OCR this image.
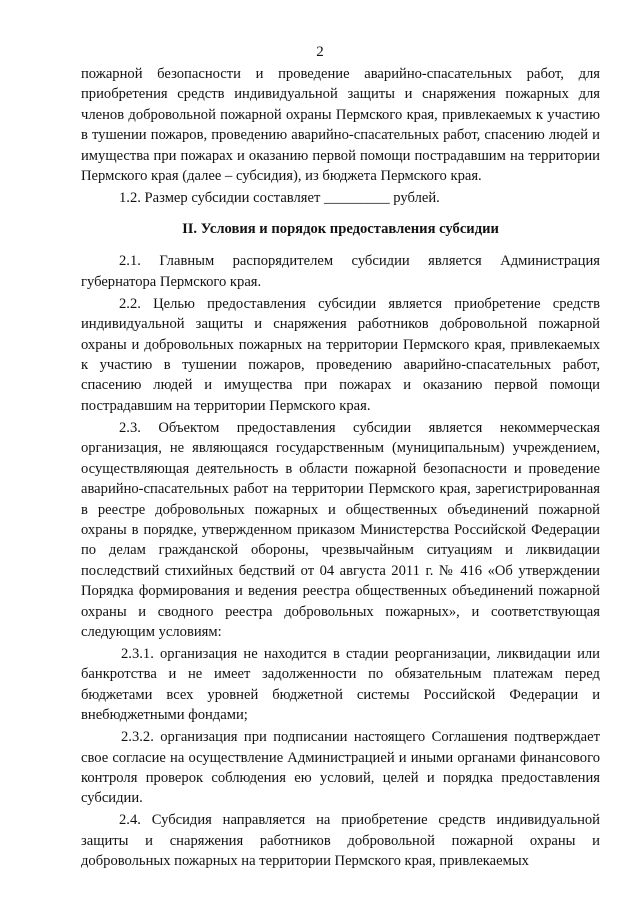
2

пожарной безопасности и проведение аварийно-спасательных работ, для приобретения средств индивидуальной защиты и снаряжения пожарных для членов добровольной пожарной охраны Пермского края, привлекаемых к участию в тушении пожаров, проведению аварийно-спасательных работ, спасению людей и имущества при пожарах и оказанию первой помощи пострадавшим на территории Пермского края (далее – субсидия), из бюджета Пермского края.

1.2. Размер субсидии составляет _________ рублей.

II. Условия и порядок предоставления субсидии

2.1. Главным распорядителем субсидии является Администрация губернатора Пермского края.

2.2. Целью предоставления субсидии является приобретение средств индивидуальной защиты и снаряжения работников добровольной пожарной охраны и добровольных пожарных на территории Пермского края, привлекаемых к участию в тушении пожаров, проведению аварийно-спасательных работ, спасению людей и имущества при пожарах и оказанию первой помощи пострадавшим на территории Пермского края.

2.3. Объектом предоставления субсидии является некоммерческая организация, не являющаяся государственным (муниципальным) учреждением, осуществляющая деятельность в области пожарной безопасности и проведение аварийно-спасательных работ на территории Пермского края, зарегистрированная в реестре добровольных пожарных и общественных объединений пожарной охраны в порядке, утвержденном приказом Министерства Российской Федерации по делам гражданской обороны, чрезвычайным ситуациям и ликвидации последствий стихийных бедствий от 04 августа 2011 г. № 416 «Об утверждении Порядка формирования и ведения реестра общественных объединений пожарной охраны и сводного реестра добровольных пожарных», и соответствующая следующим условиям:

2.3.1. организация не находится в стадии реорганизации, ликвидации или банкротства и не имеет задолженности по обязательным платежам перед бюджетами всех уровней бюджетной системы Российской Федерации и внебюджетными фондами;

2.3.2. организация при подписании настоящего Соглашения подтверждает свое согласие на осуществление Администрацией и иными органами финансового контроля проверок соблюдения ею условий, целей и порядка предоставления субсидии.

2.4. Субсидия направляется на приобретение средств индивидуальной защиты и снаряжения работников добровольной пожарной охраны и добровольных пожарных на территории Пермского края, привлекаемых
